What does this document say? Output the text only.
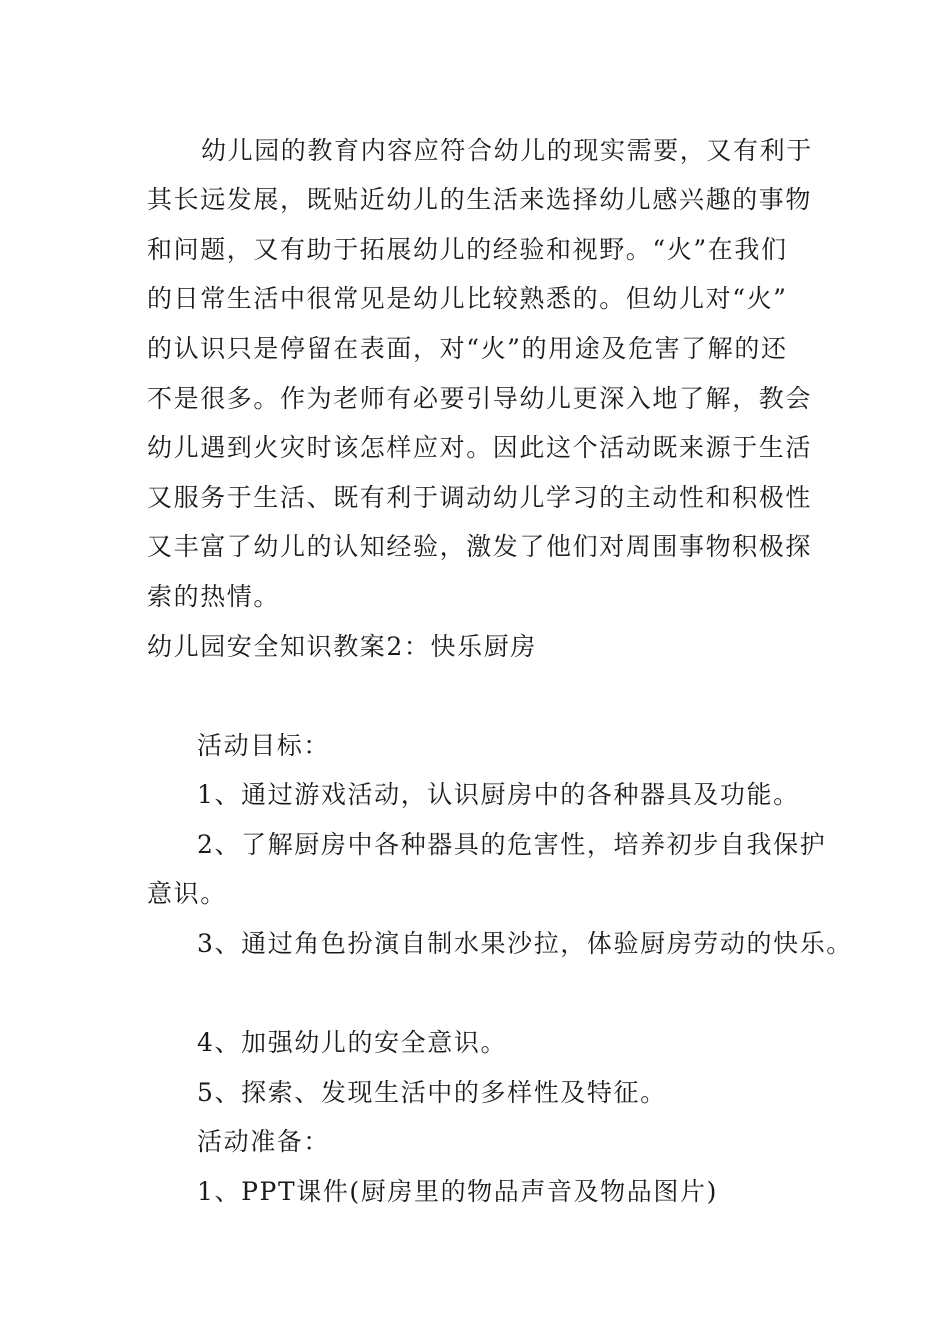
幼儿园的教育内容应符合幼儿的现实需要，又有利于
其长远发展，既贴近幼儿的生活来选择幼儿感兴趣的事物
和问题，又有助于拓展幼儿的经验和视野。“火”在我们
的日常生活中很常见是幼儿比较熟悉的。但幼儿对“火”
的认识只是停留在表面，对“火”的用途及危害了解的还
不是很多。作为老师有必要引导幼儿更深入地了解，教会
幼儿遇到火灾时该怎样应对。因此这个活动既来源于生活
又服务于生活、既有利于调动幼儿学习的主动性和积极性
又丰富了幼儿的认知经验，激发了他们对周围事物积极探
索的热情。
幼儿园安全知识教案2：快乐厨房
活动目标：
1、通过游戏活动，认识厨房中的各种器具及功能。
2、了解厨房中各种器具的危害性，培养初步自我保护
意识。
3、通过角色扮演自制水果沙拉，体验厨房劳动的快乐。
4、加强幼儿的安全意识。
5、探索、发现生活中的多样性及特征。
活动准备：
1、PPT课件(厨房里的物品声音及物品图片)
